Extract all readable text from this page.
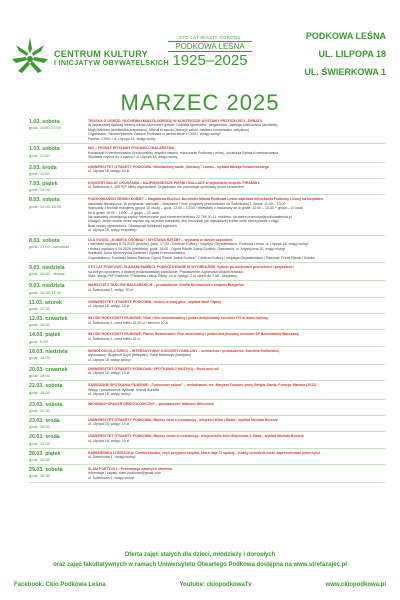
CENTRUM KULTURY
I INICJATYW OBYWATELSKICH
STO LAT MIASTA OGRODU
PODKOWA LEŚNA
1925–2025
PODKOWA LEŚNA
UL. LILPOPA 18
UL. ŚWIERKOWA 1
MARZEC 2025
1.03. sobota
godz. 11:00-17:00
TROSKA O OGRÓD. RUCHEWKI MIASTA OGRODU W KONTEKŚCIE WYSTAWY PRZYSZŁOŚCI - DEBATA
W zaplanowej dyskusji wezmą udział zaproszeni goście: Ludwika Ignatowicz, Iangdrectes, Jadwiga Maćkowska (architekt),
Maja Mäkinka (architektka krajobrazu), Michał Krasucki (historyk sztuki, działacz konserwator zabytków)
Organizator: Stowarzyszenie Zawsze Podkowa w partnerstwie z CKiIO. Wstęp wolny!
Partner: CKiIO / ul. Lilpopa 18, wstęp wolny
1.03. sobota
godz. 11:00
NIO – FINISAŻ WYSTAWY RYSUNKU I MALARSTWA
Kurlandzki Krzemieniowska Grzybowskiej, artystki malarki, mieszkanki Podkowy Leśnej - kuratorka Sylwia Krzemianowska
Wystawa czynna do 1 marca / ul. Lilpopa 18, wstęp wolny
2.03. środa
godz. 11:00
UNIWERSYTET OTWARTY PODKOWA: Niewiadomy świat „Bociany” Lamus - wykład Marzęa Kosanewskiego
ul. Lilpopa 18, wstęp: 10 zł
7.03. piątek
godz. 18:00
KONCERT BULAT OKUDŻAWA – NAJPIĘKNIEJSZE PIEŚNI I BALLADY w wykonaniu zespołu PIRAMIDY.
ul. Świerkowa 1, WSTĘP bilety wyprzedane; Organizator nie przewiduje sprzedaży przed koncertem!
8.03. sobota
godz. 10.00-16.00
PODKOWIAŃSKI ŻEŃSKI KOBIET – Magdalena Eichhof, Burmistrz Miasta Podkowa Leśna zaprasza mieszkanki Podkowy Leśnej na bezpłatne
warsztaty tematyczne. W programie: warsztat – Bezpłatne / Inne programy przedszkolne na Świerkowej 1, Bozia: 11:00 – 13:00
Warsztaty z technik malujemy (grupa 10 osób) – godz. 12:00 – 13:30 / Warsztaty z malowany se w grafie: 12:00 – 13:30 + grupa – 10 osób
bo w grafie 15:00 – 16:00 – 2 grupy – 10 osób
Na warsztaty obowiązują zapisy: telefonicznie pod numerem telefonu 22 759 20 11, mailowo: na adres promocja@podkowalesna.pl
Uwaga!: Jeden osoba może zapisać się na jedne warsztaty, aby umożliwić jak największej liczbie osób skorzystanie z zajęć.
Brak miejsc ograniczona. Obowiązuje kolejność zgłoszeń.
ul. Lilpopa 18, wstęp bezpłatny!
8.03. sobota
godz. 17:00 - wernisaż
ULA GOOGL „KOBIETA OSOBNA” / WYSTAWA RZEŹBY – wystawa w dwóch częściach:
• wernisaż wystawy 8.03.2025 (sobota), godz. 17:00 - Centrum Kultury i Inicjatyw Obywatelskich, Podkowa Leśna, ul. Lilpopa 18, wstęp wolny!
• finisaż wystawy 6.04.2025 (niedziela), godz. 16:00 - Ogród Rzeźb Juana Soriano, Owczarnia, ul. Artystyczna 20, wstęp wolny!
Kuratorki: Anna Niemczycka-Gettfried i Sylwia Krzemianowska.
Organizatorzy: Fundacja Marka Rabsza 'Ogród Rzeźb Juana Soriano', Centrum Kultury i Inicjatyw Obywatelskich / Patronat: Portal Rynek i Sztuka
9.03. niedziela
godz. 16:00 - finisaż
STO LAT PODKOWY. ŚLADAMI PAMIĘCI, PODRÓŻOWANIE W WYOBRAŹNIĘ. Spacer po miejscach przeszłości i przyszłości
na którym opowiemy o dawnej podkowiańskiej zabudowie. Prowadzenie: Agnieszka Wojciechowska.
Start: stacja PKP Brwinów / Podkowa Leśna. Bilety: 10 zł. Wstęp: 2 zł, dzieci do 7 lat - bezpłatny
9.03. niedziela
godz. 15.00-17.00
WARSZTATY TAŃCÓW BAŁKAŃSKICH – prowadzenie: Emilia Nieznańska z zespołu Bułgarica
ul. Świerkowa 1, wstęp: 30 zł
11.03. wtorek
godz. 12.00
UNIWERSYTET OTWARTY PODKOWA: Uwierz w swój głos - wykład Marii Ołpiny
ul. Lilpopa 18, wstęp: 10 zł
12.03. czwartek
godz. 18.00
MŁODE HORYZONTY FILMOWE: Vika! / film dokumentalny / pokaz dedykowany uczniom PO w domu kultury
ul. Świerkowa 1, cena biletu 15,00 zł / seniorzi 10 zł
14.03. piątek
godz. 9.00
MŁODE HORYZONTY FILMOWE: Flaneś Bezsensów / Film animowany / pokaz dedykowany uczniom SP Bolestawów Warszawy
ul. Świerkowa 1, cena biletu 15 zł
16.03. niedziela
godz. 18.00
MONOLOGI DLA DZIECI – INTERAKTYWNY KONCERT FAMILIJNY – scenariusz i prowadzenie: Karolina Kotkiewicz,
wykonawcy: Wojciech Szytt (fortepian), Rafał Mekeszyk (fortepian)
ul. Lilpopa 18, wstęp wolny!
20.03. czwartek
godz. 18:00
UNIWERSYTET OTWARTY PODKOWA: SPOTKANIA Z MUZYKĄ – Rock and roll
ul. Lilpopa 18, wstęp: 10 zł
22.03. sobota
godz. 18.00
SĄSIEDZKIE SPOTKANIA FILMOWE: „Turkusowe sukna” – melodramat, reż. Maryam Touzani, prod. Belgia, Dania, Francja, Maroko (2022)
Wstęp / prowadzenie dyskusji: Michał Burszta
ul. Lilpopa 18, wstęp wolny!
23.03. sobota
godz. 10.00
WIOSENNY SPACER ORNITOLOGICZNY – prowadzenie: Mateusz Wieczorek
23.03. środa
godz. 18.00
UNIWERSYTET OTWARTY PODKOWA: Między ziem a resistancją - wiejskiej Wina i Stuka - wykład Michała Burszty
ul. Lilpopa 18, wstęp: 10 zł
26.03. środa
godz. 12.00
UNIWERSYTET OTWARTY PODKOWA: Między zwem a resistancją - wiejsnerskie kino Wojciecha J. Hasa - wykład Michała Burszty
ul. Lilpopa 18, wstęp: 10 zł
28.03. piątek
godz. 10.00
KAWIARENKA LITERACKA: Comfort books, czyli przyjaźni książka, która daje Ci spokój... Każdy uczestnik może zaprezentować jeden tytuł
ul. Świerkowa 1 / wstęp wolny!
29.03. sobota
godz. 16.00
SLAM POETYCKI – Prezentacja własnych utworów
Informacje i zapisy: slam.podkowa@gmail.com
ul. Świerkowa 1, wstęp wolny!
Oferta zajęć stałych dla dzieci, młodzieży i dorosłych
oraz zajęć fakultatywnych w ramach Uniwersytetu Otwartego Podkowa dostępna na www.strefazajec.pl
Facebook: Ckio Podkowa Leśna	Youtube: ckiopodkowaTv	www.ckiopodkowa.pl
